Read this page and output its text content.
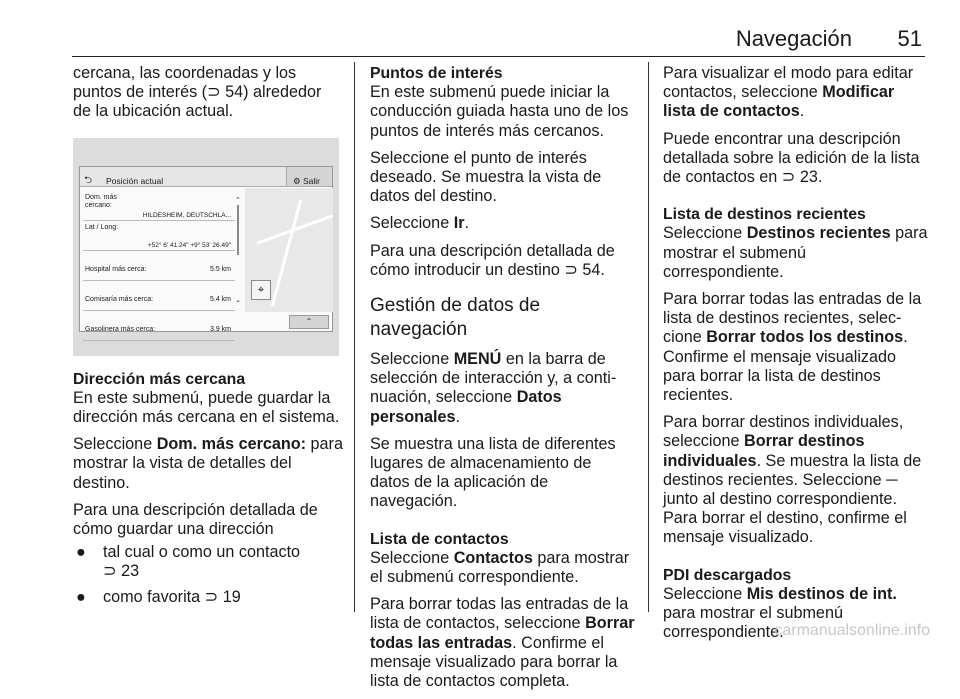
Navegación 51
cercana, las coordenadas y los puntos de interés (⊃ 54) alrededor de la ubicación actual.
⮌ Posición actual	⚙ Salir
Dom. más cercano:
HILDESHEIM, DEUTSCHLA...
Lat / Long:
+52° 6' 41.24" +9° 53' 26.49"
Hospital más cerca:	5.5 km
Comisaría más cerca:	5.4 km
Gasolinera más cerca:	3.9 km
⌃
⌄
⌖
⌃
Dirección más cercana
En este submenú, puede guardar la dirección más cercana en el sistema.
Seleccione Dom. más cercano: para mostrar la vista de detalles del destino.
Para una descripción detallada de cómo guardar una dirección
● tal cual o como un contacto
⊃ 23
● como favorita ⊃ 19
Puntos de interés
En este submenú puede iniciar la conducción guiada hasta uno de los puntos de interés más cercanos.
Seleccione el punto de interés deseado. Se muestra la vista de datos del destino.
Seleccione Ir.
Para una descripción detallada de cómo introducir un destino ⊃ 54.
Gestión de datos de navegación
Seleccione MENÚ en la barra de selección de interacción y, a conti-nuación, seleccione Datos personales.
Se muestra una lista de diferentes lugares de almacenamiento de datos de la aplicación de navegación.
Lista de contactos
Seleccione Contactos para mostrar el submenú correspondiente.
Para borrar todas las entradas de la lista de contactos, seleccione Borrar todas las entradas. Confirme el mensaje visualizado para borrar la lista de contactos completa.
Para visualizar el modo para editar contactos, seleccione Modificar lista de contactos.
Puede encontrar una descripción detallada sobre la edición de la lista de contactos en ⊃ 23.
Lista de destinos recientes
Seleccione Destinos recientes para mostrar el submenú correspondiente.
Para borrar todas las entradas de la lista de destinos recientes, selec-cione Borrar todos los destinos. Confirme el mensaje visualizado para borrar la lista de destinos recientes.
Para borrar destinos individuales, seleccione Borrar destinos individuales. Se muestra la lista de destinos recientes. Seleccione ─ junto al destino correspondiente. Para borrar el destino, confirme el mensaje visualizado.
PDI descargados
Seleccione Mis destinos de int. para mostrar el submenú correspondiente.
carmanualsonline.info
